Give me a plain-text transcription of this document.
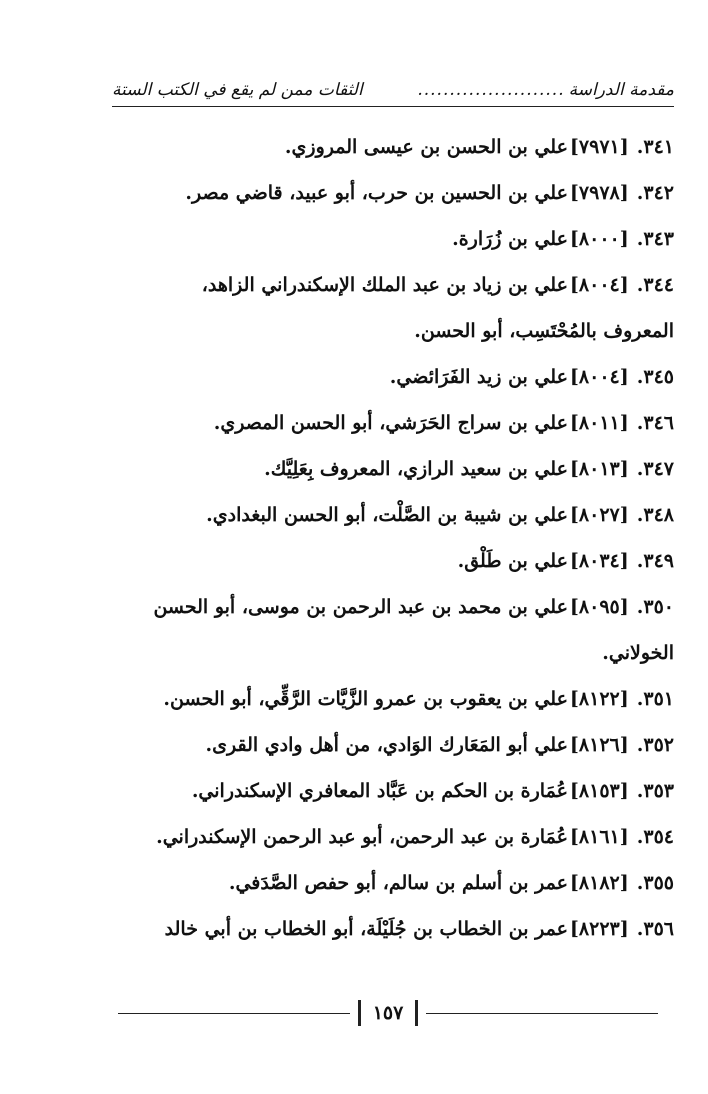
مقدمة الدراسة
.......................
الثقات ممن لم يقع في الكتب الستة
٣٤١.[٧٩٧١]علي بن الحسن بن عيسى المروزي.
٣٤٢.[٧٩٧٨]علي بن الحسين بن حرب، أبو عبيد، قاضي مصر.
٣٤٣.[٨٠٠٠]علي بن زُرَارة.
٣٤٤.[٨٠٠٤]علي بن زياد بن عبد الملك الإسكندراني الزاهد،
المعروف بالمُحْتَسِب، أبو الحسن.
٣٤٥.[٨٠٠٤]علي بن زيد الفَرَائضي.
٣٤٦.[٨٠١١]علي بن سراج الحَرَشي، أبو الحسن المصري.
٣٤٧.[٨٠١٣]علي بن سعيد الرازي، المعروف بِعَلِيَّك.
٣٤٨.[٨٠٢٧]علي بن شيبة بن الصَّلْت، أبو الحسن البغدادي.
٣٤٩.[٨٠٣٤]علي بن طَلْق.
٣٥٠.[٨٠٩٥]علي بن محمد بن عبد الرحمن بن موسى، أبو الحسن
الخولاني.
٣٥١.[٨١٢٢]علي بن يعقوب بن عمرو الزَّيَّات الرَّقِّي، أبو الحسن.
٣٥٢.[٨١٢٦]علي أبو المَعَارك الوَادي، من أهل وادي القرى.
٣٥٣.[٨١٥٣]عُمَارة بن الحكم بن عَبَّاد المعافري الإسكندراني.
٣٥٤.[٨١٦١]عُمَارة بن عبد الرحمن، أبو عبد الرحمن الإسكندراني.
٣٥٥.[٨١٨٢]عمر بن أسلم بن سالم، أبو حفص الصَّدَفي.
٣٥٦.[٨٢٢٣]عمر بن الخطاب بن جُلَيْلَة، أبو الخطاب بن أبي خالد
١٥٧
